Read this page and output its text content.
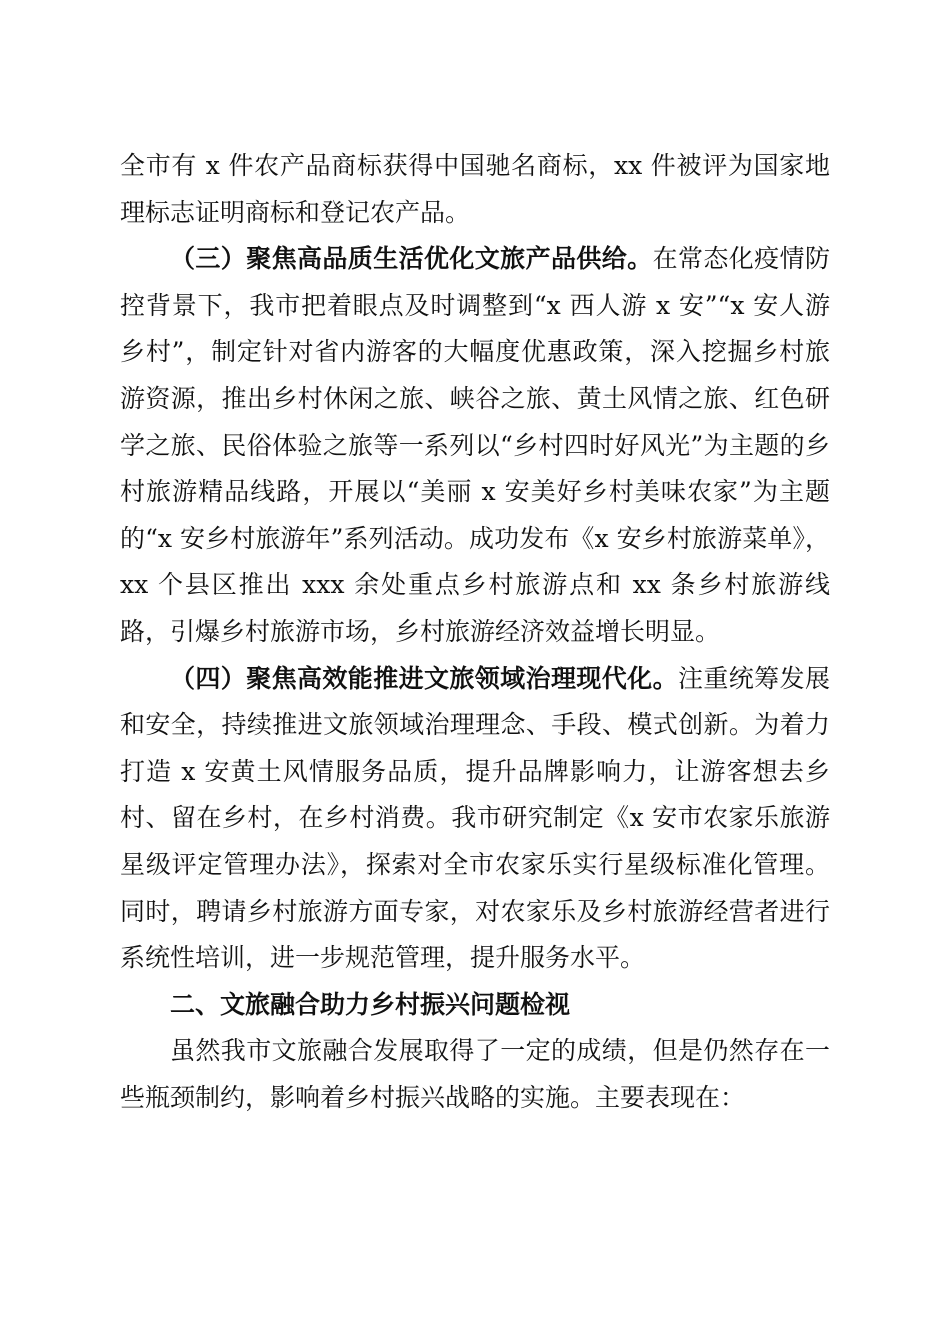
全市有 x 件农产品商标获得中国驰名商标，xx 件被评为国家地理标志证明商标和登记农产品。

（三）聚焦高品质生活优化文旅产品供给。在常态化疫情防控背景下，我市把着眼点及时调整到“x 西人游 x 安”“x 安人游乡村”，制定针对省内游客的大幅度优惠政策，深入挖掘乡村旅游资源，推出乡村休闲之旅、峡谷之旅、黄土风情之旅、红色研学之旅、民俗体验之旅等一系列以“乡村四时好风光”为主题的乡村旅游精品线路，开展以“美丽 x 安美好乡村美味农家”为主题的“x 安乡村旅游年”系列活动。成功发布《x 安乡村旅游菜单》，xx 个县区推出 xxx 余处重点乡村旅游点和 xx 条乡村旅游线路，引爆乡村旅游市场，乡村旅游经济效益增长明显。

（四）聚焦高效能推进文旅领域治理现代化。注重统筹发展和安全，持续推进文旅领域治理理念、手段、模式创新。为着力打造 x 安黄土风情服务品质，提升品牌影响力，让游客想去乡村、留在乡村，在乡村消费。我市研究制定《x 安市农家乐旅游星级评定管理办法》，探索对全市农家乐实行星级标准化管理。同时，聘请乡村旅游方面专家，对农家乐及乡村旅游经营者进行系统性培训，进一步规范管理，提升服务水平。

二、文旅融合助力乡村振兴问题检视

虽然我市文旅融合发展取得了一定的成绩，但是仍然存在一些瓶颈制约，影响着乡村振兴战略的实施。主要表现在：
